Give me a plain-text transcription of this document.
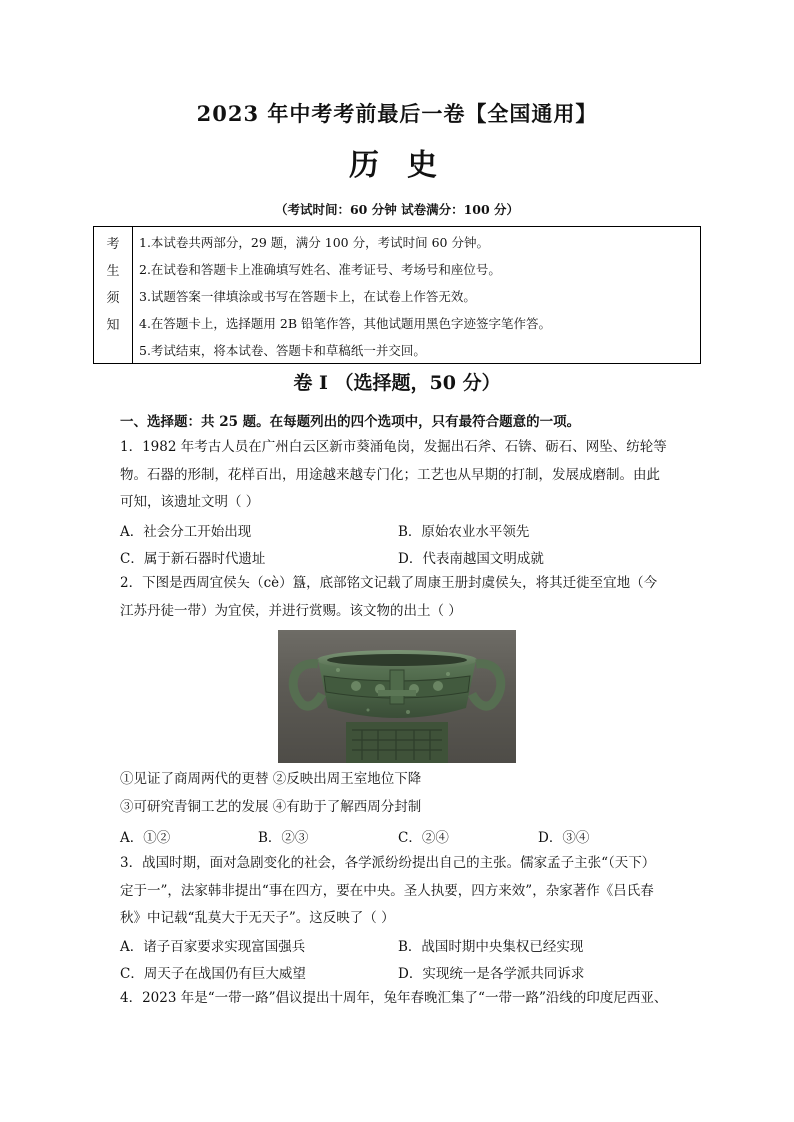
2023 年中考考前最后一卷【全国通用】
历史
（考试时间：60 分钟 试卷满分：100 分）
考
生
须
知
1.本试卷共两部分，29 题，满分 100 分，考试时间 60 分钟。
2.在试卷和答题卡上准确填写姓名、准考证号、考场号和座位号。
3.试题答案一律填涂或书写在答题卡上，在试卷上作答无效。
4.在答题卡上，选择题用 2B 铅笔作答，其他试题用黑色字迹签字笔作答。
5.考试结束，将本试卷、答题卡和草稿纸一并交回。
卷 I （选择题，50 分）
一、选择题：共 25 题。在每题列出的四个选项中，只有最符合题意的一项。
1．1982 年考古人员在广州白云区新市葵涌龟岗，发掘出石斧、石锛、砺石、网坠、纺轮等
物。石器的形制，花样百出，用途越来越专门化；工艺也从早期的打制，发展成磨制。由此
可知，该遗址文明（ ）
A．社会分工开始出现	B．原始农业水平领先
C．属于新石器时代遗址	D．代表南越国文明成就
2．下图是西周宜侯夨（cè）簋，底部铭文记载了周康王册封虞侯夨，将其迁徙至宜地（今
江苏丹徒一带）为宜侯，并进行赏赐。该文物的出土（ ）
①见证了商周两代的更替 ②反映出周王室地位下降
③可研究青铜工艺的发展 ④有助于了解西周分封制
A．①②	B．②③	C．②④	D．③④
3．战国时期，面对急剧变化的社会，各学派纷纷提出自己的主张。儒家孟子主张“（天下）
定于一”，法家韩非提出“事在四方，要在中央。圣人执要，四方来效”，杂家著作《吕氏春
秋》中记载“乱莫大于无天子”。这反映了（ ）
A．诸子百家要求实现富国强兵	B．战国时期中央集权已经实现
C．周天子在战国仍有巨大威望	D．实现统一是各学派共同诉求
4．2023 年是“一带一路”倡议提出十周年，兔年春晚汇集了“一带一路”沿线的印度尼西亚、
